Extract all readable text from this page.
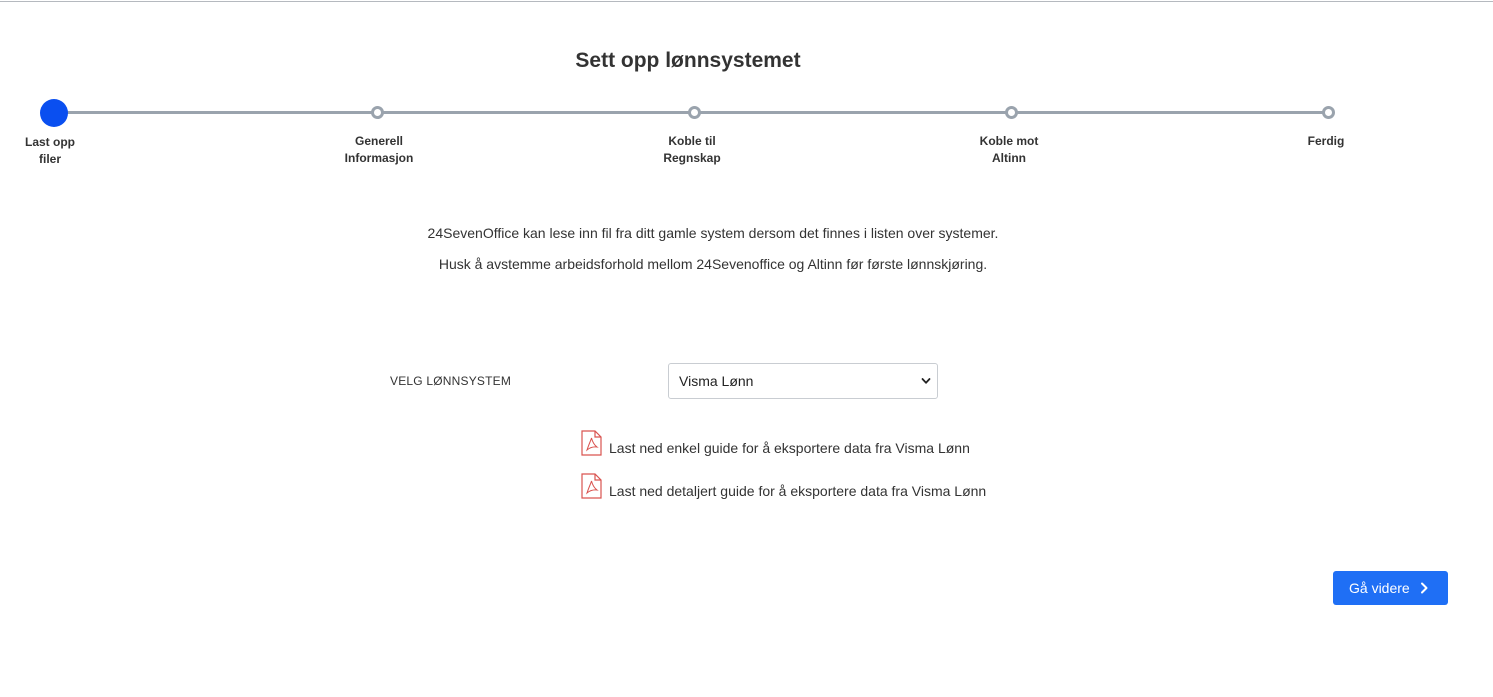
Sett opp lønnsystemet
Last opp
filer
Generell
Informasjon
Koble til
Regnskap
Koble mot
Altinn
Ferdig
24SevenOffice kan lese inn fil fra ditt gamle system dersom det finnes i listen over systemer.
Husk å avstemme arbeidsforhold mellom 24Sevenoffice og Altinn før første lønnskjøring.
VELG LØNNSYSTEM	Visma Lønn
Last ned enkel guide for å eksportere data fra Visma Lønn
Last ned detaljert guide for å eksportere data fra Visma Lønn
Gå videre
